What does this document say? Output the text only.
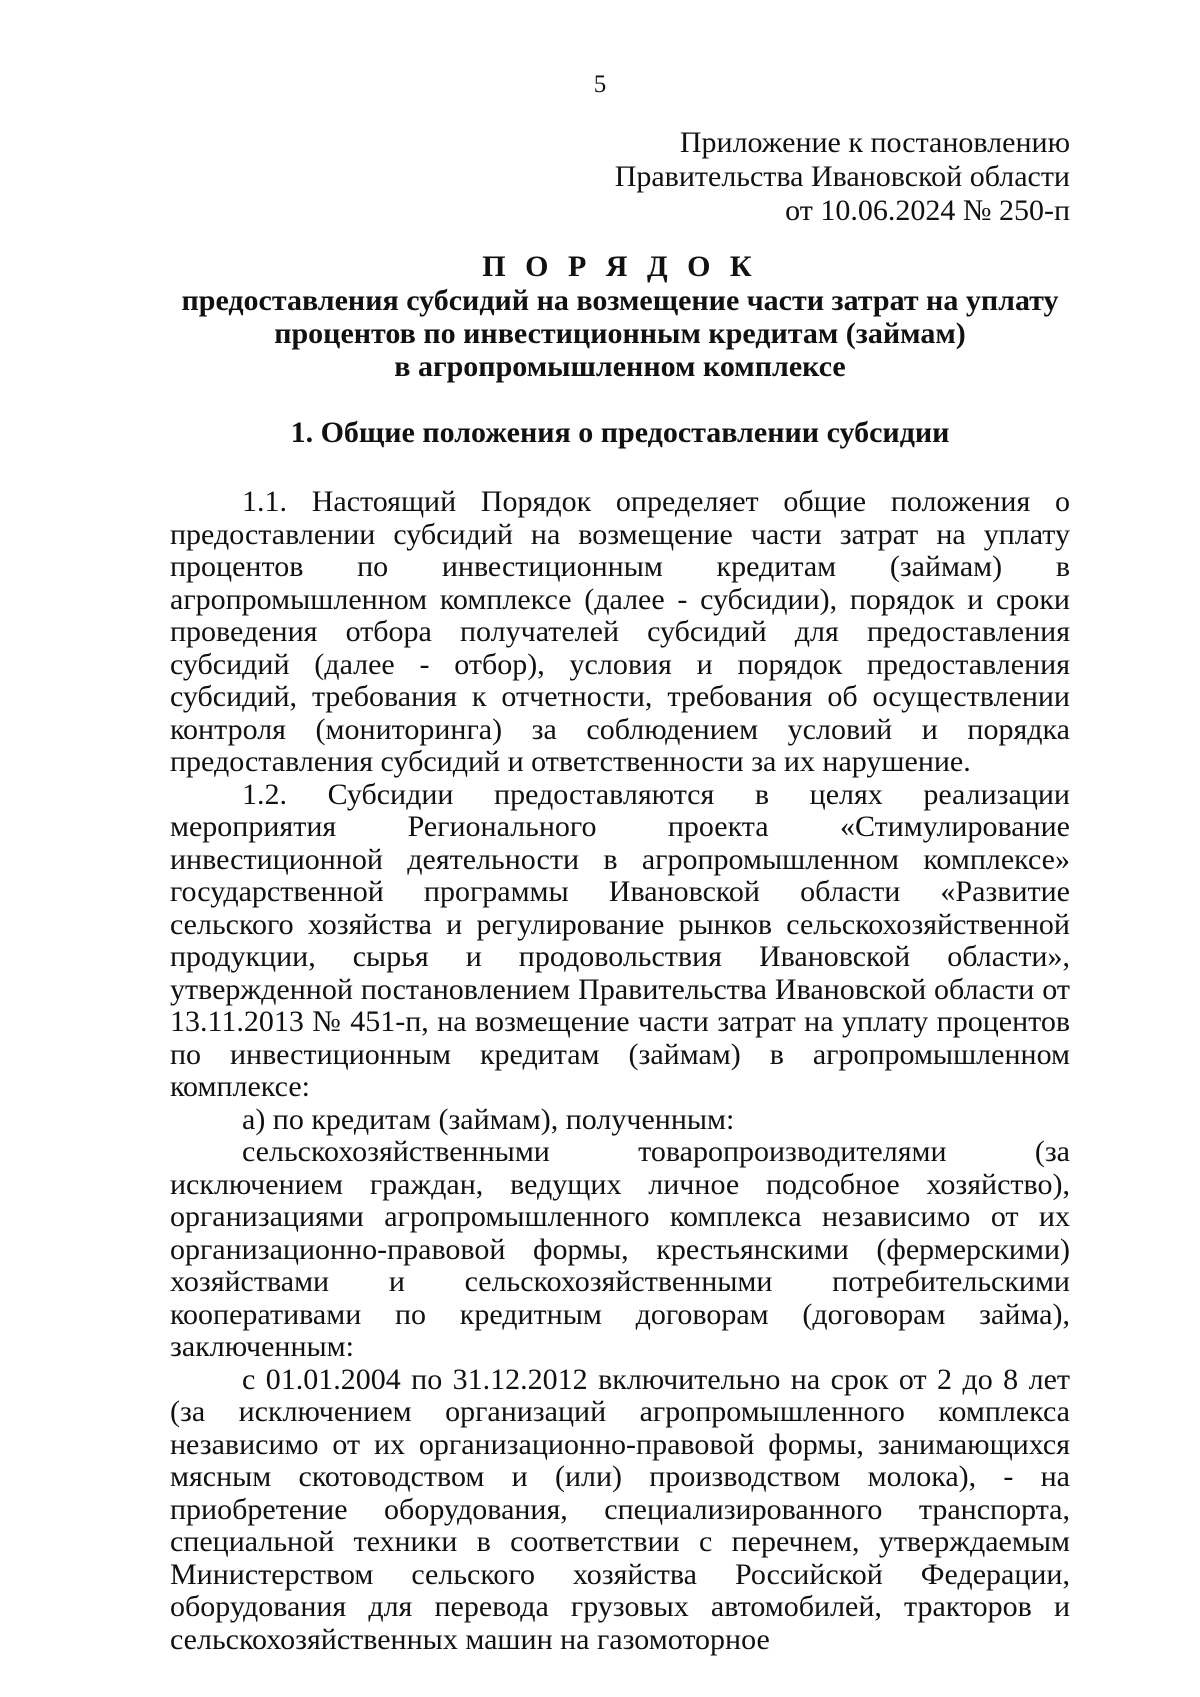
5
Приложение к постановлению
Правительства Ивановской области
от 10.06.2024 № 250-п
П О Р Я Д О К
предоставления субсидий на возмещение части затрат на уплату
процентов по инвестиционным кредитам (займам)
в агропромышленном комплексе
1. Общие положения о предоставлении субсидии

1.1. Настоящий Порядок определяет общие положения о предоставлении субсидий на возмещение части затрат на уплату процентов по инвестиционным кредитам (займам) в агропромышленном комплексе (далее - субсидии), порядок и сроки проведения отбора получателей субсидий для предоставления субсидий (далее - отбор), условия и порядок предоставления субсидий, требования к отчетности, требования об осуществлении контроля (мониторинга) за соблюдением условий и порядка предоставления субсидий и ответственности за их нарушение.

1.2. Субсидии предоставляются в целях реализации мероприятия Регионального проекта «Стимулирование инвестиционной деятельности в агропромышленном комплексе» государственной программы Ивановской области «Развитие сельского хозяйства и регулирование рынков сельскохозяйственной продукции, сырья и продовольствия Ивановской области», утвержденной постановлением Правительства Ивановской области от 13.11.2013 № 451-п, на возмещение части затрат на уплату процентов по инвестиционным кредитам (займам) в агропромышленном комплексе:

а) по кредитам (займам), полученным:

сельскохозяйственными товаропроизводителями (за исключением граждан, ведущих личное подсобное хозяйство), организациями агропромышленного комплекса независимо от их организационно-правовой формы, крестьянскими (фермерскими) хозяйствами и сельскохозяйственными потребительскими кооперативами по кредитным договорам (договорам займа), заключенным:

с 01.01.2004 по 31.12.2012 включительно на срок от 2 до 8 лет (за исключением организаций агропромышленного комплекса независимо от их организационно-правовой формы, занимающихся мясным скотоводством и (или) производством молока), - на приобретение оборудования, специализированного транспорта, специальной техники в соответствии с перечнем, утверждаемым Министерством сельского хозяйства Российской Федерации, оборудования для перевода грузовых автомобилей, тракторов и сельскохозяйственных машин на газомоторное
